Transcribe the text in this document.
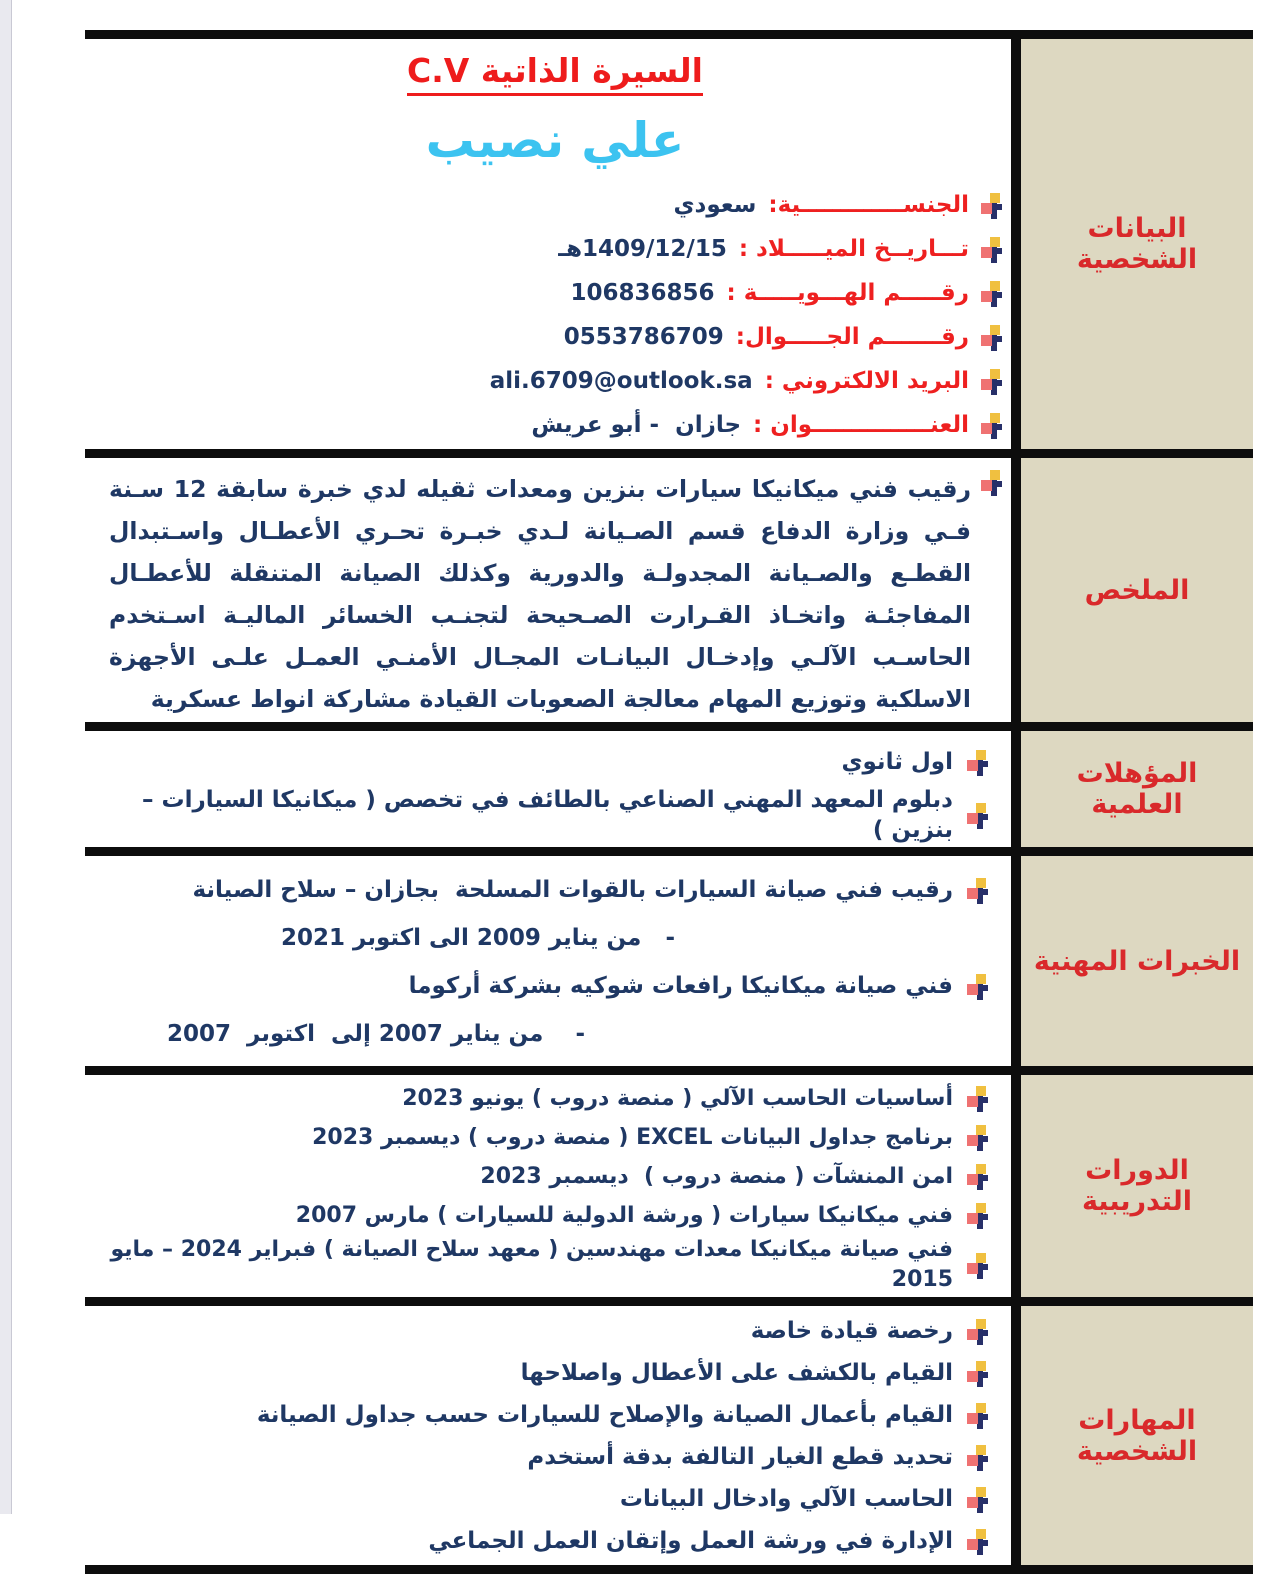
البيانات الشخصية
السيرة الذاتية C.V
علي نصيب
الجنســـــــــــــية:
سعودي
تـــاريــخ الميـــــلاد :
1409/12/15هـ
رقـــــم الهـــويـــــة :
106836856
رقـــــــم الجـــــوال:
0553786709
البريد الالكتروني :
ali.6709@outlook.sa
العنـــــــــــــــوان :
جازان  - أبو عريش
الملخص

رقيب فني ميكانيكا سيارات بنزين ومعدات ثقيله لدي خبرة سابقة 12 سـنة فـي وزارة الدفاع قسم الصـيانة لـدي خبـرة تحـري الأعطـال واسـتبدال القطـع والصـيانة المجدولـة والدورية وكذلك الصيانة المتنقلة للأعطـال المفاجئـة واتخـاذ القـرارت الصـحيحة لتجنـب الخسائر الماليـة اسـتخدم الحاسـب الآلـي وإدخـال البيانـات المجـال الأمنـي العمـل علـى الأجهزة الاسلكية وتوزيع المهام معالجة الصعوبات القيادة مشاركة انواط عسكرية

المؤهلات العلمية
اول ثانوي
دبلوم المعهد المهني الصناعي بالطائف في تخصص ( ميكانيكا السيارات – بنزين )
الخبرات المهنية
رقيب فني صيانة السيارات بالقوات المسلحة  بجازان – سلاح الصيانة
-   من يناير 2009 الى اكتوبر 2021
فني صيانة ميكانيكا رافعات شوكيه بشركة أركوما
-    من يناير 2007 إلى  اكتوبر  2007
الدورات التدريبية
أساسيات الحاسب الآلي ( منصة دروب ) يونيو 2023
برنامج جداول البيانات EXCEL ( منصة دروب ) ديسمبر 2023
امن المنشآت ( منصة دروب )  ديسمبر 2023
فني ميكانيكا سيارات ( ورشة الدولية للسيارات ) مارس 2007
فني صيانة ميكانيكا معدات مهندسين ( معهد سلاح الصيانة ) فبراير 2024 – مايو 2015
المهارات الشخصية
رخصة قيادة خاصة
القيام بالكشف على الأعطال واصلاحها
القيام بأعمال الصيانة والإصلاح للسيارات حسب جداول الصيانة
تحديد قطع الغيار التالفة بدقة أستخدم
الحاسب الآلي وادخال البيانات
الإدارة في ورشة العمل وإتقان العمل الجماعي
